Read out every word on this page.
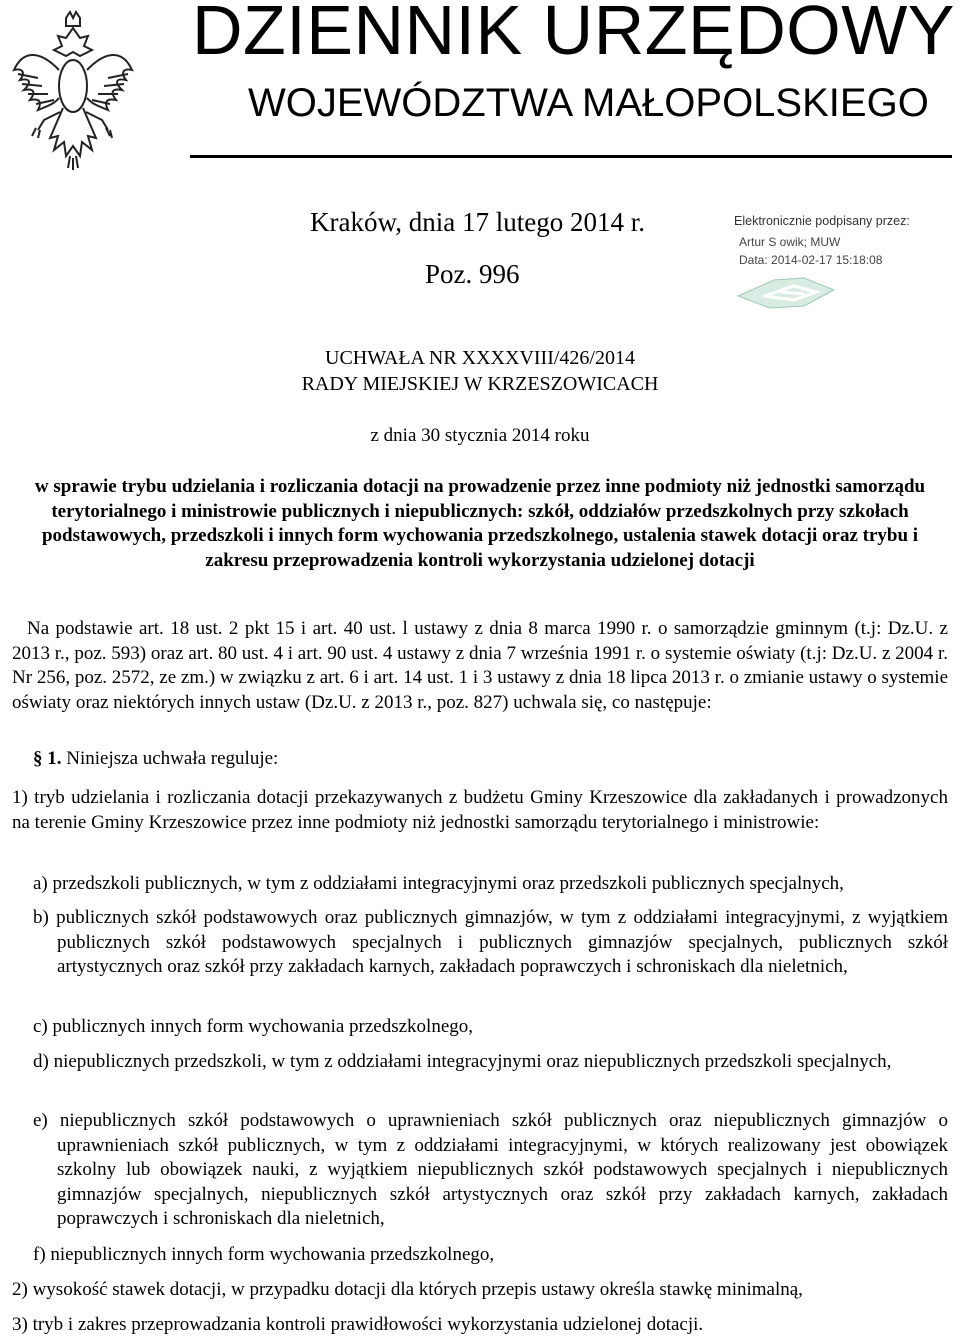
DZIENNIK URZĘDOWY
WOJEWÓDZTWA MAŁOPOLSKIEGO
Kraków, dnia 17 lutego 2014 r.
Poz. 996
Elektronicznie podpisany przez:
Artur S owik; MUW
Data: 2014-02-17 15:18:08
UCHWAŁA NR XXXXVIII/426/2014
RADY MIEJSKIEJ W KRZESZOWICACH
z dnia 30 stycznia 2014 roku
w sprawie trybu udzielania i rozliczania dotacji na prowadzenie przez inne podmioty niż jednostki samorządu terytorialnego i ministrowie publicznych i niepublicznych: szkół, oddziałów przedszkolnych przy szkołach podstawowych, przedszkoli i innych form wychowania przedszkolnego, ustalenia stawek dotacji oraz trybu i zakresu przeprowadzenia kontroli wykorzystania udzielonej dotacji
Na podstawie art. 18 ust. 2 pkt 15 i art. 40 ust. l ustawy z dnia 8 marca 1990 r. o samorządzie gminnym (t.j: Dz.U. z 2013 r., poz. 593) oraz art. 80 ust. 4 i art. 90 ust. 4 ustawy z dnia 7 września 1991 r. o systemie oświaty (t.j: Dz.U. z 2004 r. Nr 256, poz. 2572, ze zm.) w związku z art. 6 i art. 14 ust. 1 i 3 ustawy z dnia 18 lipca 2013 r. o zmianie ustawy o systemie oświaty oraz niektórych innych ustaw (Dz.U. z 2013 r., poz. 827) uchwala się, co następuje:
§ 1. Niniejsza uchwała reguluje:
1) tryb udzielania i rozliczania dotacji przekazywanych z budżetu Gminy Krzeszowice dla zakładanych i prowadzonych na terenie Gminy Krzeszowice przez inne podmioty niż jednostki samorządu terytorialnego i ministrowie:
a) przedszkoli publicznych, w tym z oddziałami integracyjnymi oraz przedszkoli publicznych specjalnych,
b) publicznych szkół podstawowych oraz publicznych gimnazjów, w tym z oddziałami integracyjnymi, z wyjątkiem publicznych szkół podstawowych specjalnych i publicznych gimnazjów specjalnych, publicznych szkół artystycznych oraz szkół przy zakładach karnych, zakładach poprawczych i schroniskach dla nieletnich,
c) publicznych innych form wychowania przedszkolnego,
d) niepublicznych przedszkoli, w tym z oddziałami integracyjnymi oraz niepublicznych przedszkoli specjalnych,
e) niepublicznych szkół podstawowych o uprawnieniach szkół publicznych oraz niepublicznych gimnazjów o uprawnieniach szkół publicznych, w tym z oddziałami integracyjnymi, w których realizowany jest obowiązek szkolny lub obowiązek nauki, z wyjątkiem niepublicznych szkół podstawowych specjalnych i niepublicznych gimnazjów specjalnych, niepublicznych szkół artystycznych oraz szkół przy zakładach karnych, zakładach poprawczych i schroniskach dla nieletnich,
f) niepublicznych innych form wychowania przedszkolnego,
2) wysokość stawek dotacji, w przypadku dotacji dla których przepis ustawy określa stawkę minimalną,
3) tryb i zakres przeprowadzania kontroli prawidłowości wykorzystania udzielonej dotacji.
